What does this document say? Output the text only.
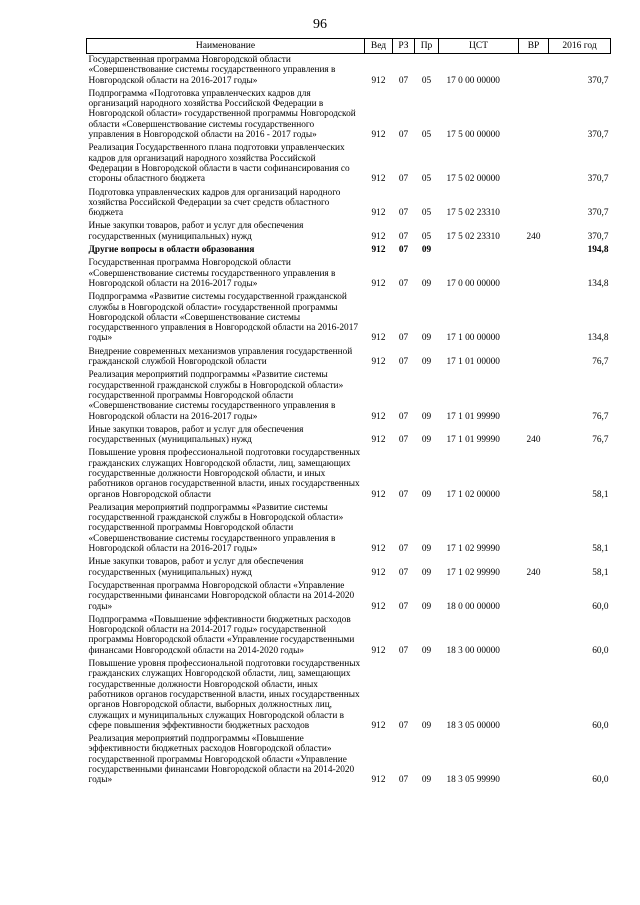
96
Наименование	Вед	РЗ	Пр	ЦСТ	ВР	2016 год
Государственная программа Новгородской области «Совершенствование системы государственного управления в Новгородской области на 2016-2017 годы»	912	07	05	17 0 00 00000		370,7
Подпрограмма «Подготовка управленческих кадров для организаций народного хозяйства Российской Федерации в Новгородской области» государственной программы Новгородской области «Совершенствование системы государственного управления в Новгородской области на 2016 - 2017 годы»	912	07	05	17 5 00 00000		370,7
Реализация Государственного плана подготовки управленческих кадров для организаций народного хозяйства Российской Федерации в Новгородской области в части софинансирования со стороны областного бюджета	912	07	05	17 5 02 00000		370,7
Подготовка управленческих кадров для организаций народного хозяйства Российской Федерации за счет средств областного бюджета	912	07	05	17 5 02 23310		370,7
Иные закупки товаров, работ и услуг для обеспечения государственных (муниципальных) нужд	912	07	05	17 5 02 23310	240	370,7
Другие вопросы в области образования	912	07	09			194,8
Государственная программа Новгородской области «Совершенствование системы государственного управления в Новгородской области на 2016-2017 годы»	912	07	09	17 0 00 00000		134,8
Подпрограмма «Развитие системы государственной гражданской службы в Новгородской области» государственной программы Новгородской области «Совершенствование системы государственного управления в Новгородской области на 2016-2017 годы»	912	07	09	17 1 00 00000		134,8
Внедрение современных механизмов управления государственной гражданской службой Новгородской области	912	07	09	17 1 01 00000		76,7
Реализация мероприятий подпрограммы «Развитие системы государственной гражданской службы в Новгородской области» государственной программы Новгородской области «Совершенствование системы государственного управления в Новгородской области на 2016-2017 годы»	912	07	09	17 1 01 99990		76,7
Иные закупки товаров, работ и услуг для обеспечения государственных (муниципальных) нужд	912	07	09	17 1 01 99990	240	76,7
Повышение уровня профессиональной подготовки государственных гражданских служащих Новгородской области, лиц, замещающих государственные должности Новгородской области, и иных работников органов государственной власти, иных государственных органов Новгородской области	912	07	09	17 1 02 00000		58,1
Реализация мероприятий подпрограммы «Развитие системы государственной гражданской службы в Новгородской области» государственной программы Новгородской области «Совершенствование системы государственного управления в Новгородской области на 2016-2017 годы»	912	07	09	17 1 02 99990		58,1
Иные закупки товаров, работ и услуг для обеспечения государственных (муниципальных) нужд	912	07	09	17 1 02 99990	240	58,1
Государственная программа Новгородской области «Управление государственными финансами Новгородской области на 2014-2020 годы»	912	07	09	18 0 00 00000		60,0
Подпрограмма «Повышение эффективности бюджетных расходов Новгородской области на 2014-2017 годы» государственной программы Новгородской области «Управление государственными финансами Новгородской области на 2014-2020 годы»	912	07	09	18 3 00 00000		60,0
Повышение уровня профессиональной подготовки государственных гражданских служащих Новгородской области, лиц, замещающих государственные должности Новгородской области, иных работников органов государственной власти, иных государственных органов Новгородской области, выборных должностных лиц, служащих и муниципальных служащих Новгородской области в сфере повышения эффективности бюджетных расходов	912	07	09	18 3 05 00000		60,0
Реализация мероприятий подпрограммы «Повышение эффективности бюджетных расходов Новгородской области» государственной программы Новгородской области «Управление государственными финансами Новгородской области на 2014-2020 годы»	912	07	09	18 3 05 99990		60,0
